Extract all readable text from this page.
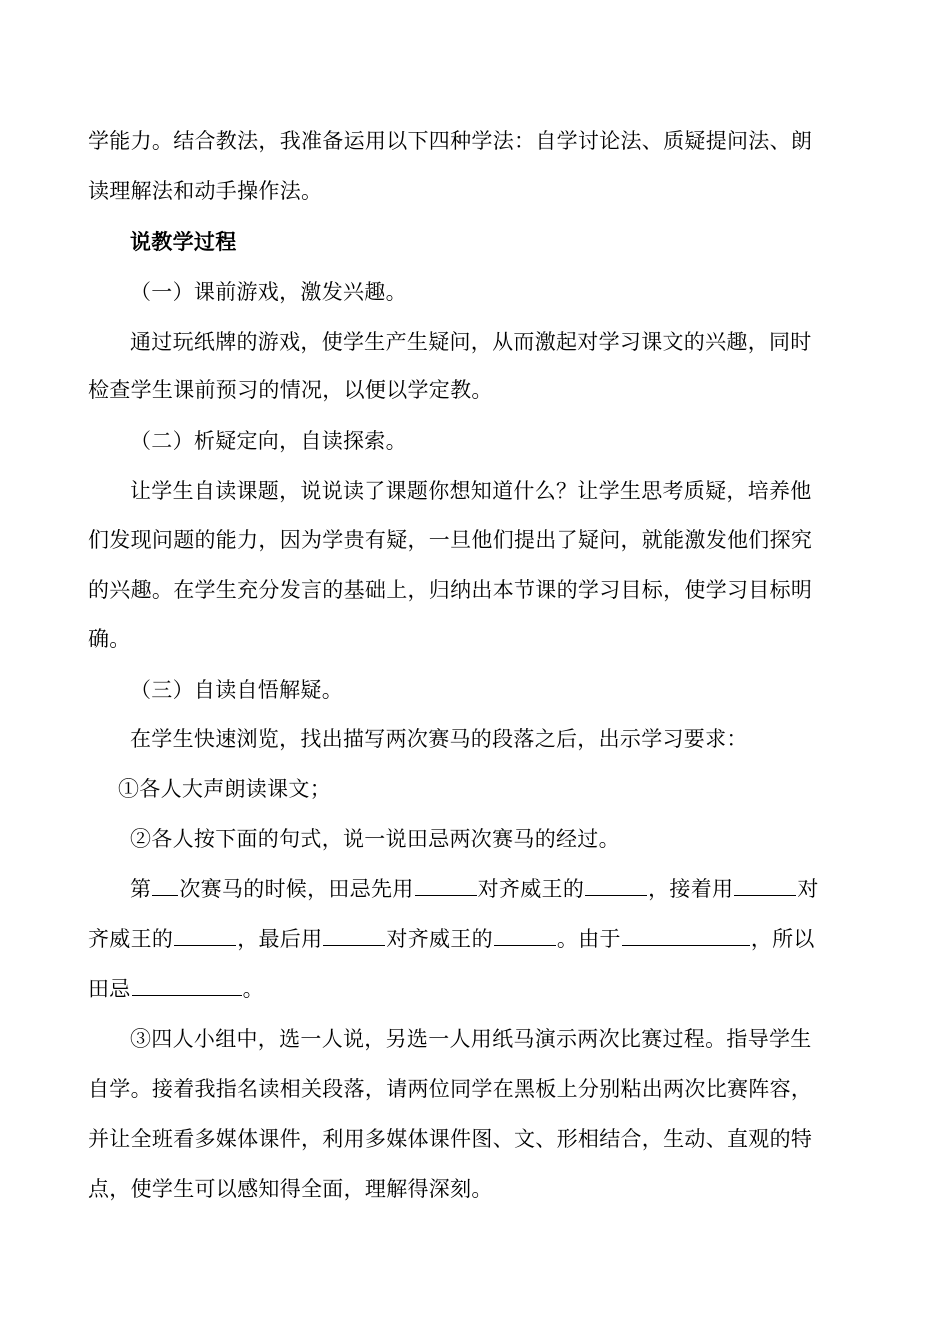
学能力。结合教法，我准备运用以下四种学法：自学讨论法、质疑提问法、朗
读理解法和动手操作法。
说教学过程
（一）课前游戏，激发兴趣。
通过玩纸牌的游戏，使学生产生疑问，从而激起对学习课文的兴趣，同时
检查学生课前预习的情况，以便以学定教。
（二）析疑定向，自读探索。
让学生自读课题，说说读了课题你想知道什么？让学生思考质疑，培养他
们发现问题的能力，因为学贵有疑，一旦他们提出了疑问，就能激发他们探究
的兴趣。在学生充分发言的基础上，归纳出本节课的学习目标，使学习目标明
确。
（三）自读自悟解疑。
在学生快速浏览，找出描写两次赛马的段落之后，出示学习要求：
①各人大声朗读课文；
②各人按下面的句式，说一说田忌两次赛马的经过。
第 次赛马的时候，田忌先用	对齐威王的	，接着用	对
齐威王的	，最后用	对齐威王的	。由于	，所以
田忌	。
③四人小组中，选一人说，另选一人用纸马演示两次比赛过程。指导学生
自学。接着我指名读相关段落，请两位同学在黑板上分别粘出两次比赛阵容，
并让全班看多媒体课件，利用多媒体课件图、文、形相结合，生动、直观的特
点，使学生可以感知得全面，理解得深刻。
